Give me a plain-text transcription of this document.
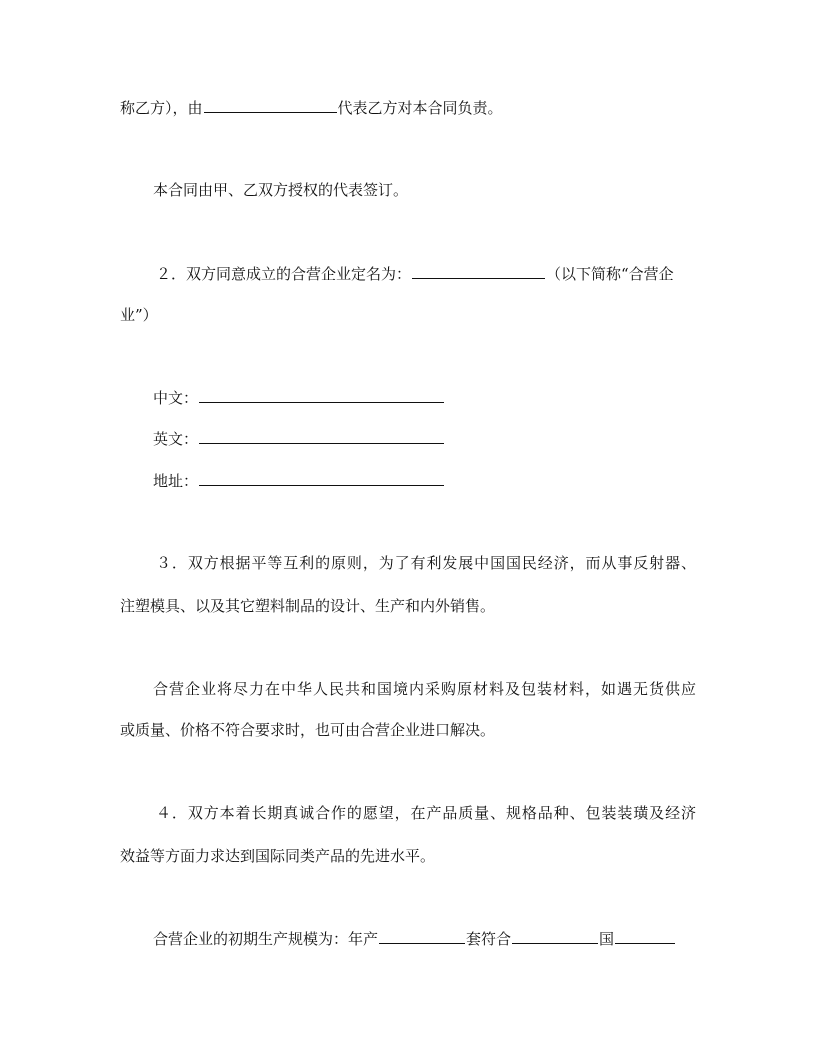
称乙方），由	代表乙方对本合同负责。
本合同由甲、乙双方授权的代表签订。
２．双方同意成立的合营企业定名为：	（以下简称“合营企
业”）
中文：
英文：
地址：
３．双方根据平等互利的原则，为了有利发展中国国民经济，而从事反射器、
注塑模具、以及其它塑料制品的设计、生产和内外销售。
合营企业将尽力在中华人民共和国境内采购原材料及包装材料，如遇无货供应
或质量、价格不符合要求时，也可由合营企业进口解决。
４．双方本着长期真诚合作的愿望，在产品质量、规格品种、包装装璜及经济
效益等方面力求达到国际同类产品的先进水平。
合营企业的初期生产规模为：年产	套符合	国
